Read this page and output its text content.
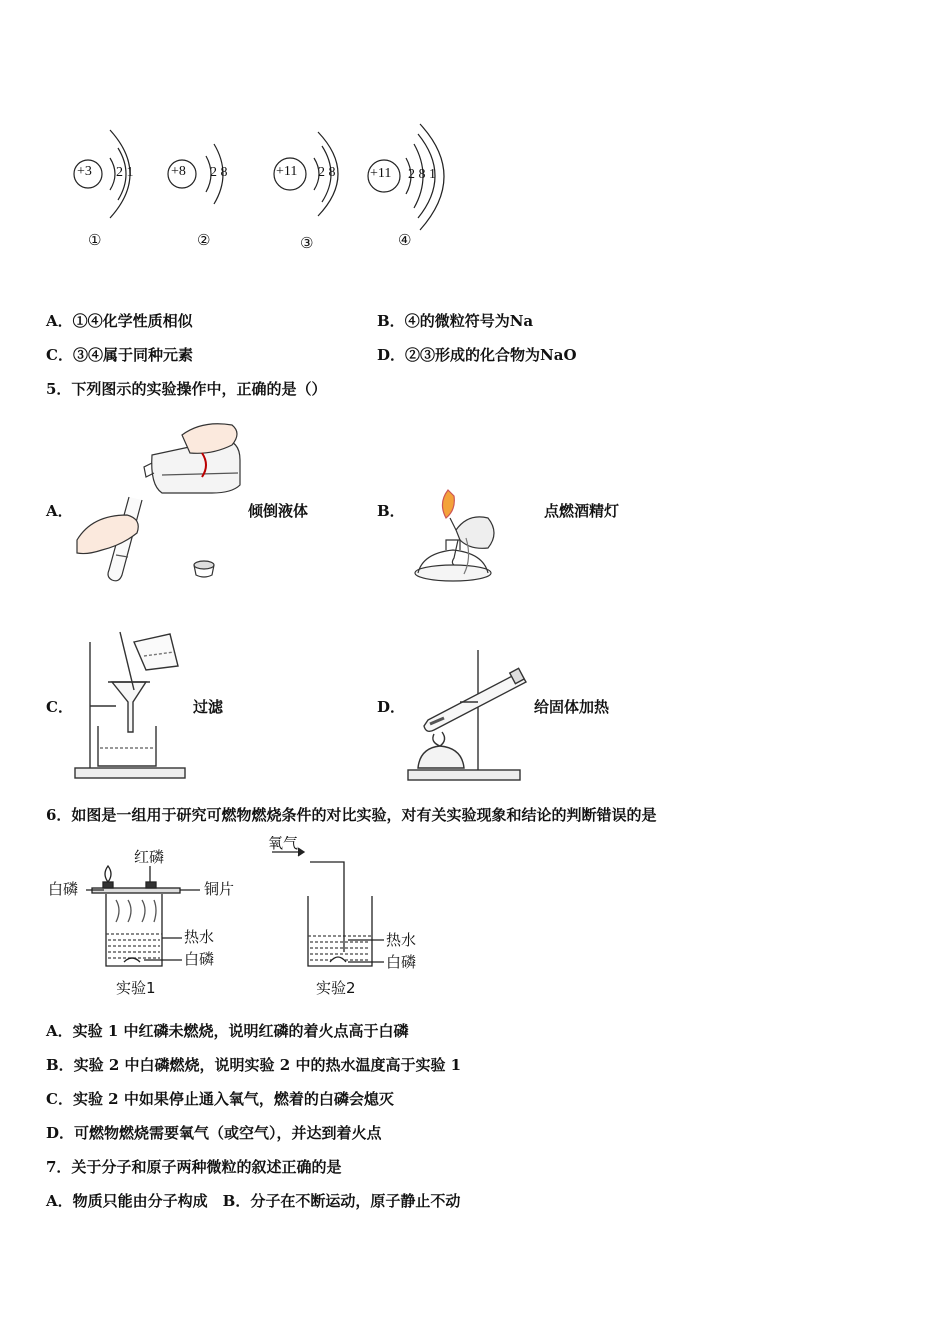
+3 2 1
①
+8 2 8
②
+11 2 8
③
+11 2 8 1
④
A．①④化学性质相似	B．④的微粒符号为Na
C．③④属于同种元素	D．②③形成的化合物为NaO
5．下列图示的实验操作中，正确的是（）
A．	倾倒液体	B．	点燃酒精灯
C．	过滤	D．	给固体加热
6．如图是一组用于研究可燃物燃烧条件的对比实验，对有关实验现象和结论的判断错误的是
红磷
白磷	铜片
热水
白磷
实验1
氧气
热水
白磷
实验2
A．实验 1 中红磷未燃烧，说明红磷的着火点高于白磷
B．实验 2 中白磷燃烧，说明实验 2 中的热水温度高于实验 1
C．实验 2 中如果停止通入氧气，燃着的白磷会熄灭
D．可燃物燃烧需要氧气（或空气），并达到着火点
7．关于分子和原子两种微粒的叙述正确的是
A．物质只能由分子构成　B．分子在不断运动，原子静止不动
